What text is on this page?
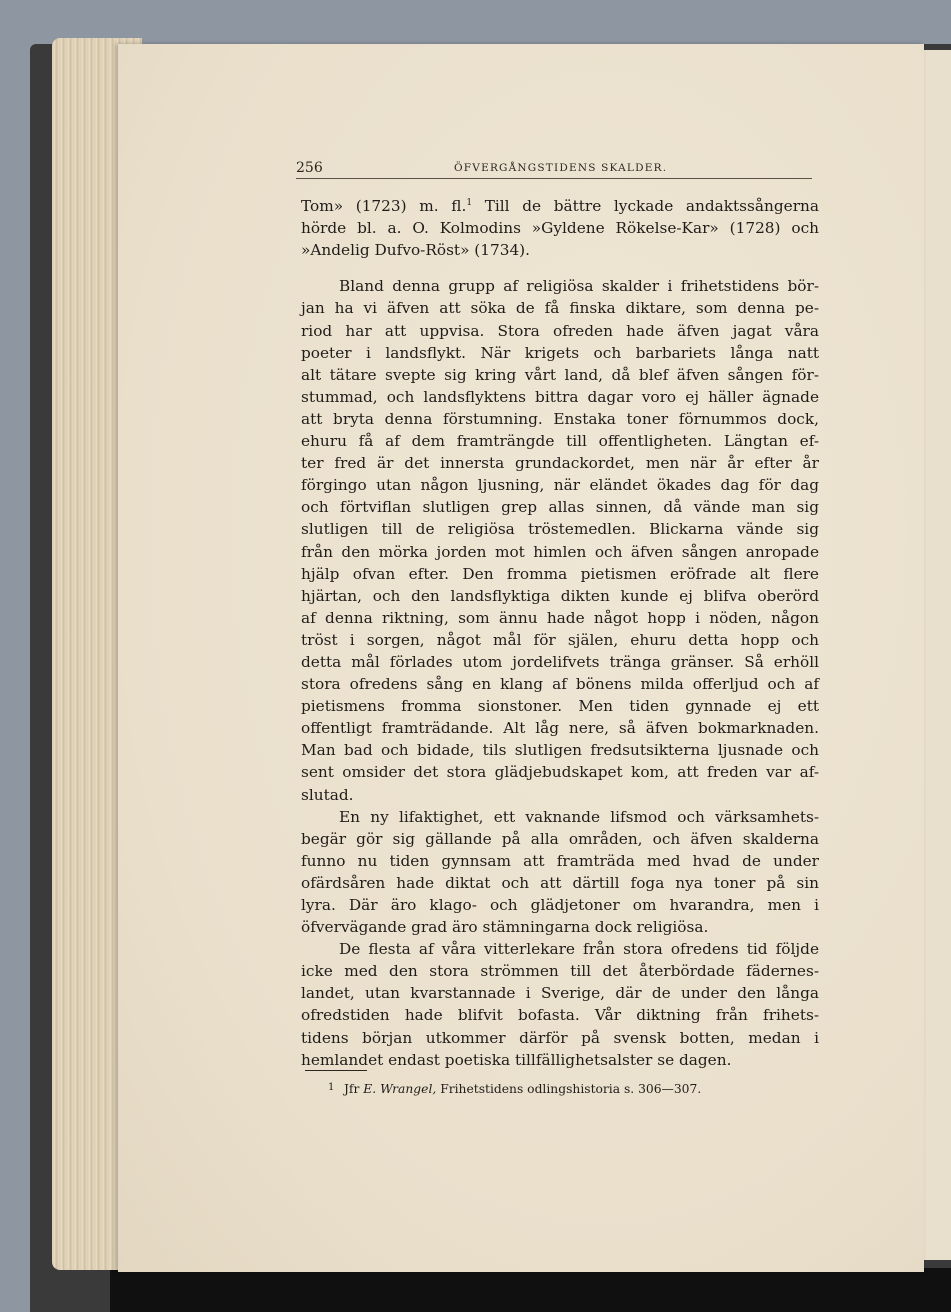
256	ÖFVERGÅNGSTIDENS SKALDER.
Tom» (1723) m. fl.$^1$ Till de bättre lyckade andaktssångerna
hörde bl. a. O. Kolmodins »Gyldene Rökelse-Kar» (1728) och
»Andelig Dufvo-Röst» (1734).
Bland denna grupp af religiösa skalder i frihetstidens bör-
jan ha vi äfven att söka de få finska diktare, som denna pe-
riod har att uppvisa. Stora ofreden hade äfven jagat våra
poeter i landsflykt. När krigets och barbariets långa natt
alt tätare svepte sig kring vårt land, då blef äfven sången för-
stummad, och landsflyktens bittra dagar voro ej häller ägnade
att bryta denna förstumning. Enstaka toner förnummos dock,
ehuru få af dem framträngde till offentligheten. Längtan ef-
ter fred är det innersta grundackordet, men när år efter år
förgingo utan någon ljusning, när eländet ökades dag för dag
och förtviflan slutligen grep allas sinnen, då vände man sig
slutligen till de religiösa tröstemedlen. Blickarna vände sig
från den mörka jorden mot himlen och äfven sången anropade
hjälp ofvan efter. Den fromma pietismen eröfrade alt flere
hjärtan, och den landsflyktiga dikten kunde ej blifva oberörd
af denna riktning, som ännu hade något hopp i nöden, någon
tröst i sorgen, något mål för själen, ehuru detta hopp och
detta mål förlades utom jordelifvets tränga gränser. Så erhöll
stora ofredens sång en klang af bönens milda offerljud och af
pietismens fromma sionstoner. Men tiden gynnade ej ett
offentligt framträdande. Alt låg nere, så äfven bokmarknaden.
Man bad och bidade, tils slutligen fredsutsikterna ljusnade och
sent omsider det stora glädjebudskapet kom, att freden var af-
slutad.
En ny lifaktighet, ett vaknande lifsmod och värksamhets-
begär gör sig gällande på alla områden, och äfven skalderna
funno nu tiden gynnsam att framträda med hvad de under
ofärdsåren hade diktat och att därtill foga nya toner på sin
lyra. Där äro klago- och glädjetoner om hvarandra, men i
öfvervägande grad äro stämningarna dock religiösa.
De flesta af våra vitterlekare från stora ofredens tid följde
icke med den stora strömmen till det återbördade fädernes-
landet, utan kvarstannade i Sverige, där de under den långa
ofredstiden hade blifvit bofasta. Vår diktning från frihets-
tidens början utkommer därför på svensk botten, medan i
hemlandet endast poetiska tillfällighetsalster se dagen.
1 Jfr E. Wrangel, Frihetstidens odlingshistoria s. 306—307.
